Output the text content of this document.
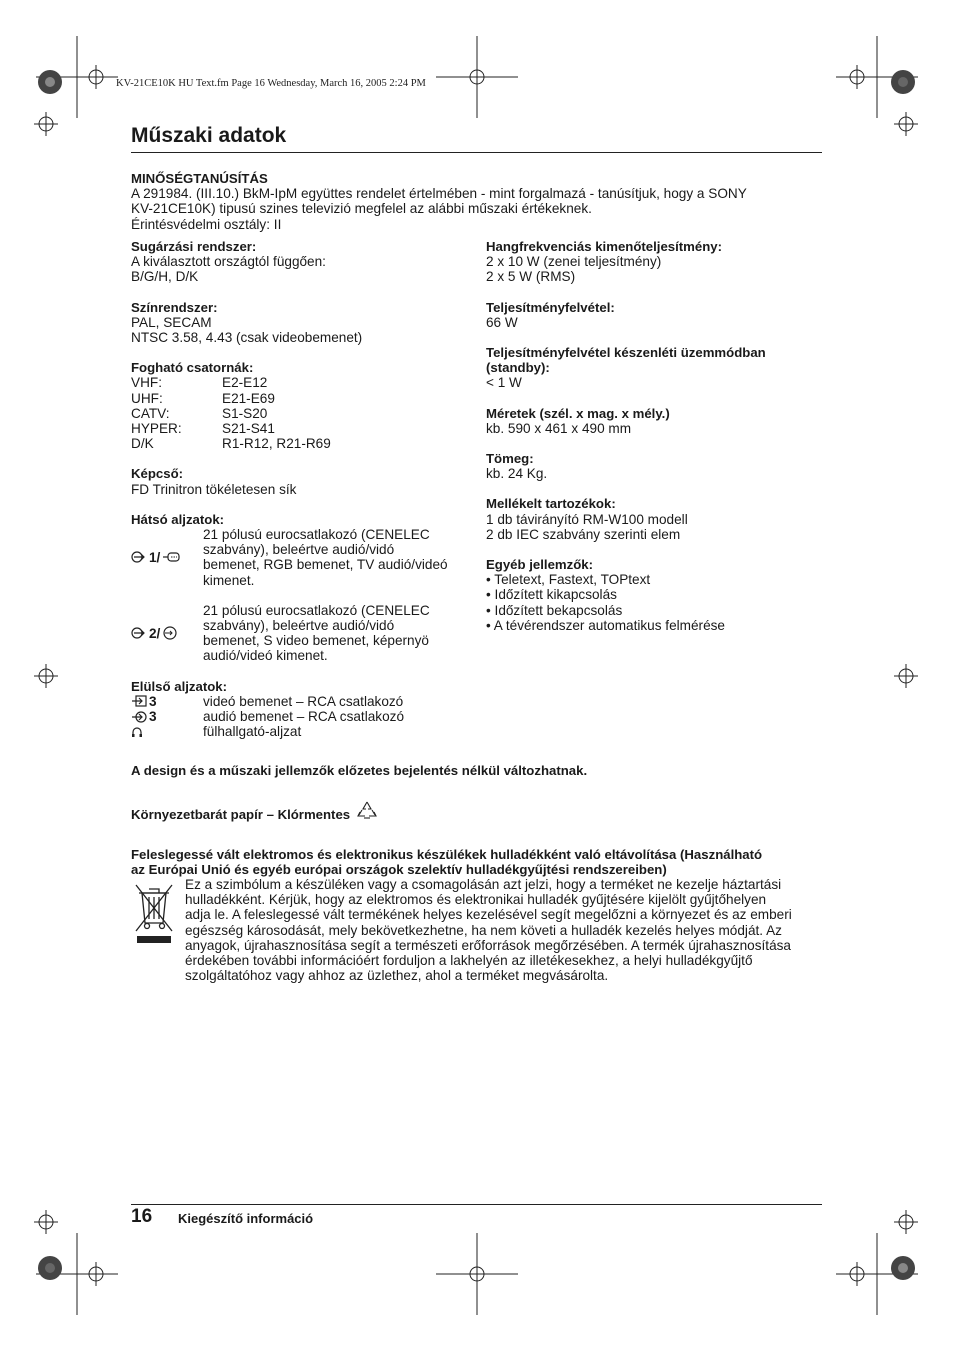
KV-21CE10K HU Text.fm Page 16 Wednesday, March 16, 2005 2:24 PM
Műszaki adatok
MINŐSÉGTANÚSÍTÁS
A 291984. (III.10.) BkM-IpM együttes rendelet értelmében - mint forgalmazá - tanúsítjuk, hogy a SONY
KV-21CE10K) tipusú szines televizió megfelel az alábbi műszaki értékeknek.
Érintésvédelmi osztály: II
Sugárzási rendszer:
A kiválasztott országtól függően:
B/G/H, D/K
Színrendszer:
PAL, SECAM
NTSC 3.58, 4.43 (csak videobemenet)
Fogható csatornák:
VHF:	E2-E12
UHF:	E21-E69
CATV:	S1-S20
HYPER:	S21-S41
D/K	R1-R12, R21-R69
Képcső:
FD Trinitron tökéletesen sík
Hátsó aljzatok:
1/
21 pólusú eurocsatlakozó (CENELEC
szabvány), beleértve audió/vidó
bemenet, RGB bemenet, TV audió/videó
kimenet.
2/
21 pólusú eurocsatlakozó (CENELEC
szabvány), beleértve audió/vidó
bemenet, S video bemenet, képernyö
audió/videó kimenet.
Elülső aljzatok:
3	videó bemenet – RCA csatlakozó
3	audió bemenet – RCA csatlakozó
fülhallgató-aljzat
Hangfrekvenciás kimenőteljesítmény:
2 x 10 W (zenei teljesítmény)
2 x 5 W (RMS)
Teljesítményfelvétel:
66 W
Teljesítményfelvétel készenléti üzemmódban
(standby):
< 1 W
Méretek (szél. x mag. x mély.)
kb. 590 x 461 x 490 mm
Tömeg:
kb. 24 Kg.
Mellékelt tartozékok:
1 db távirányító RM-W100 modell
2 db IEC szabvány szerinti elem
Egyéb jellemzők:
• Teletext, Fastext, TOPtext
• Időzített kikapcsolás
• Időzített bekapcsolás
• A tévérendszer automatikus felmérése
A design és a műszaki jellemzők előzetes bejelentés nélkül változhatnak.
Környezetbarát papír – Klórmentes
Feleslegessé vált elektromos és elektronikus készülékek hulladékként való eltávolítása (Használható
az Európai Unió és egyéb európai országok szelektív hulladékgyűjtési rendszereiben)
Ez a szimbólum a készüléken vagy a csomagolásán azt jelzi, hogy a terméket ne kezelje háztartási
hulladékként. Kérjük, hogy az elektromos és elektronikai hulladék gyűjtésére kijelölt gyűjtőhelyen
adja le. A feleslegessé vált termékének helyes kezelésével segít megelőzni a környezet és az emberi
egészség károsodását, mely bekövetkezhetne, ha nem követi a hulladék kezelés helyes módját. Az
anyagok, újrahasznosítása segít a természeti erőforrások megőrzésében. A termék újrahasznosítása
érdekében további információért forduljon a lakhelyén az illetékesekhez, a helyi hulladékgyűjtő
szolgáltatóhoz vagy ahhoz az üzlethez, ahol a terméket megvásárolta.
16 Kiegészítő információ
